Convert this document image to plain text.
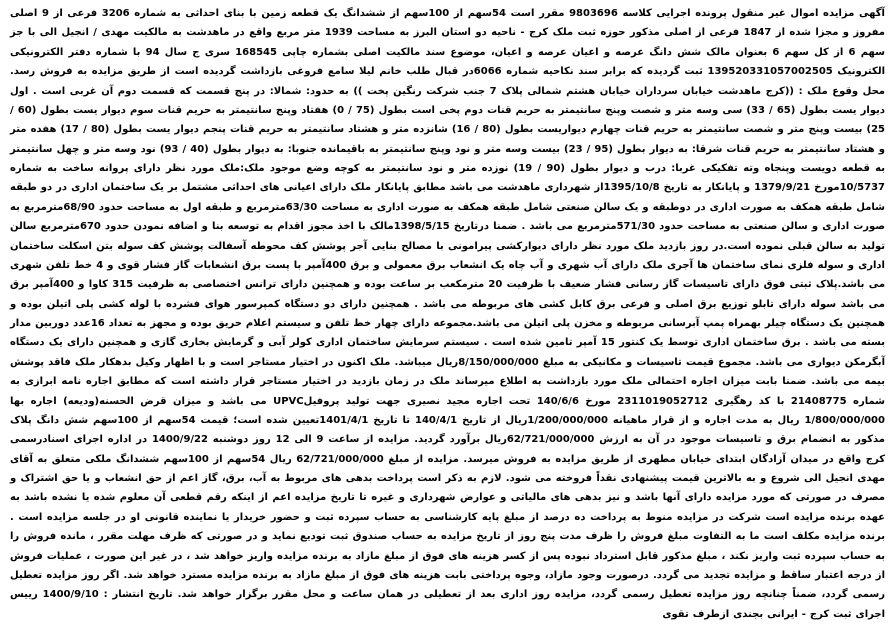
آگهی مزایده اموال غیر منقول پرونده اجرایی کلاسه 9803696 مقرر است 54سهم از 100سهم از ششدانگ یک قطعه زمین با بنای احداثی به شماره 3206 فرعی از 9 اصلی مفروز و مجزا شده از 1847 فرعی از اصلی مذکور حوزه ثبت ملک کرج - ناحیه دو استان البرز به مساحت 1939 متر مربع واقع در ماهدشت به مالکیت مهدی / انجیل الی با جز سهم 6 از کل سهم 6 بعنوان مالک شش دانگ عرصه و اعیان عرصه و اعیان، موضوع سند مالکیت اصلی بشماره چاپی 168545 سری ج سال 94 با شماره دفتر الکترونیکی الکترونیک 139520331057002505 ثبت گردیده که برابر سند نکاحیه شماره 6066در قبال طلب خانم لیلا سامع فروغی بازداشت گردیده است از طریق مزایده به فروش رسد. محل وقوع ملک : ((کرج ماهدشت خیابان سرداران خیابان هشتم شمالی پلاک 7 جنب شرکت رنگین پخت )) به حدود: شمالا: در پنج قسمت که قسمت دوم آن غربی است . اول دیوار یست بطول (65 / 33) سی وسه متر و شصت وپنج سانتیمتر به حریم قنات دوم پخی است بطول (75 / 0) هفتاد وپنج سانتیمتر به حریم قنات سوم دیوار یست بطول (60 / 25) بیست وپنج متر و شصت سانتیمتر به حریم قنات چهارم دیواریست بطول (80 / 16) شانزده متر و هشتاد سانتیمتر به حریم قنات پنجم دیوار یست بطول (80 / 17) هفده متر و هشتاد سانتیمتر به حریم قنات شرقا: به دیوار بطول (95 / 23) بیست وسه متر و نود وپنج سانتیمتر به باقیمانده جنوبا: به دیوار بطول (40 / 93) نود وسه متر و چهل سانتیمتر به قطعه دویست وپنجاه وته تفکیکی غربا: درب و دیوار بطول (90 / 19) نوزده متر و نود سانتیمتر به کوچه وضع موجود ملک:ملک مورد نظر دارای پروانه ساخت به شماره 10/5737مورخ 1379/9/21 و پایانکار به تاریخ 1395/10/8از شهرداری ماهدشت می باشد مطابق پایانکار ملک دارای اعیانی های احداثی مشتمل بر یک ساختمان اداری در دو طبقه شامل طبقه همکف به صورت اداری در دوطبقه و یک سالن صنعتی شامل طبقه همکف به صورت اداری به مساحت 63/30مترمربع و طبقه اول به مساحت حدود 68/90مترمربع به صورت اداری و سالن صنعتی به مساحت حدود 571/30مترمربع می باشد . ضمنا درتاریخ 1398/5/15مالک با اخذ مجوز اقدام به توسعه بنا و اضافه نمودن حدود 670مترمربع سالن تولید به سالن قبلی نموده است.در روز بازدید ملک مورد نظر دارای دیوارکشی پیرامونی با مصالح بنایی آجر پوشش کف محوطه آسفالت پوشش کف سوله بتن اسکلت ساختمان اداری و سوله فلزی نمای ساختمان ها آجری ملک دارای آب شهری و آب چاه یک انشعاب برق معمولی و برق 400آمپر با پست برق انشعابات گاز فشار قوی و 4 خط تلفن شهری می باشد.پلاک ثبتی فوق دارای تاسیسات گاز رسانی فشار ضعیف با ظرفیت 20 مترمکعب بر ساعت بوده و همچنین دارای ترانس اختصاصی به ظرفیت 315 کاوا و 400آمپر برق می باشد سوله دارای تابلو توزیع برق اصلی و فرعی برق کابل کشی های مربوطه می باشد . همچنین دارای دو دستگاه کمپرسور هوای فشرده با لوله کشی پلی اتیلن بوده و همچنین یک دستگاه چیلر بهمراه پمپ آبرسانی مربوطه و مخزن پلی اتیلن می باشد.مجموعه دارای چهار خط تلفن و سیستم اعلام حریق بوده و مجهز به تعداد 16عدد دوربین مدار بسته می باشد . برق ساختمان اداری توسط یک کنتور 15 آمپر تامین شده است . سیستم سرمایش ساختمان اداری کولر آبی و گرمایش بخاری گازی و همچنین دارای یک دستگاه آبگرمکن دیواری می باشد. مجموع قیمت تاسیسات و مکانیکی به مبلغ 8/150/000/000ریال میباشد. ملک اکنون در اختیار مستاجر است و با اظهار وکیل بدهکار ملک فاقد پوشش بیمه می باشد. ضمنا بابت میزان اجاره احتمالی ملک مورد بازداشت به اطلاع میرساند ملک در زمان بازدید در اختیار مستاجر قرار داشته است که مطابق اجاره نامه ابرازی به شماره 21408775 با کد رهگیری 2311019052712 مورخ 140/6/6 تحت اجاره مجید نصیری جهت تولید پروفیلUPVC می باشد و میزان قرض الحسنه(ودیعه) اجاره بها 1/800/000/000 ریال به مدت اجاره و از قرار ماهیانه 1/200/000/000ریال از تاریخ 140/4/1 تا تاریخ 1401/4/1تعیین شده است؛ قیمت 54سهم از 100سهم شش دانگ پلاک مذکور به انضمام برق و تاسیسات موجود در آن به ارزش 62/721/000/000ریال برآورد گردید. مزایده از ساعت 9 الی 12 روز دوشنبه 1400/9/22 در اداره اجرای اسنادرسمی کرج واقع در میدان آزادگان ابتدای خیابان مطهری از طریق مزایده به فروش میرسد. مزایده از مبلغ 62/721/000/000 ریال 54سهم از 100سهم ششدانگ ملکی متعلق به آقای مهدی انجیل الی شروع و به بالاترین قیمت پیشنهادی نقداً فروخته می شود. لازم به ذکر است پرداخت بدهی های مربوط به آب، برق، گاز اعم از حق انشعاب و یا حق اشتراک و مصرف در صورتی که مورد مزایده دارای آنها باشد و نیز بدهی های مالیاتی و عوارض شهرداری و غیره تا تاریخ مزایده اعم از اینکه رقم قطعی آن معلوم شده یا نشده باشد به عهده برنده مزایده است شرکت در مزایده منوط به پرداخت ده درصد از مبلغ پایه کارشناسی به حساب سپرده ثبت و حضور خریدار یا نماینده قانونی او در جلسه مزایده است . برنده مزایده مکلف است ما به التفاوت مبلغ فروش را ظرف مدت پنج روز از تاریخ مزایده به حساب صندوق ثبت تودیع نماید و در صورتی که ظرف مهلت مقرر ، مانده فروش را به حساب سپرده ثبت واریز نکند ، مبلغ مذکور قابل استرداد نبوده پس از کسر هزینه های فوق از مبلغ مازاد به برنده مزایده واریز خواهد شد ، در غیر این صورت ، عملیات فروش از درجه اعتبار ساقط و مزایده تجدید می گردد. درصورت وجود مازاد، وجوه پرداختی بابت هزینه های فوق از مبلغ مازاد به برنده مزایده مسترد خواهد شد. اگر روز مزایده تعطیل رسمی گردد، ضمناً چنانچه روز مزایده تعطیل رسمی گردد، مزایده روز اداری بعد از تعطیلی در همان ساعت و محل مقرر برگزار خواهد شد. تاریخ انتشار : 1400/9/10 رییس اجرای ثبت کرج - ایرانی بجندی ازطرف تقوی
